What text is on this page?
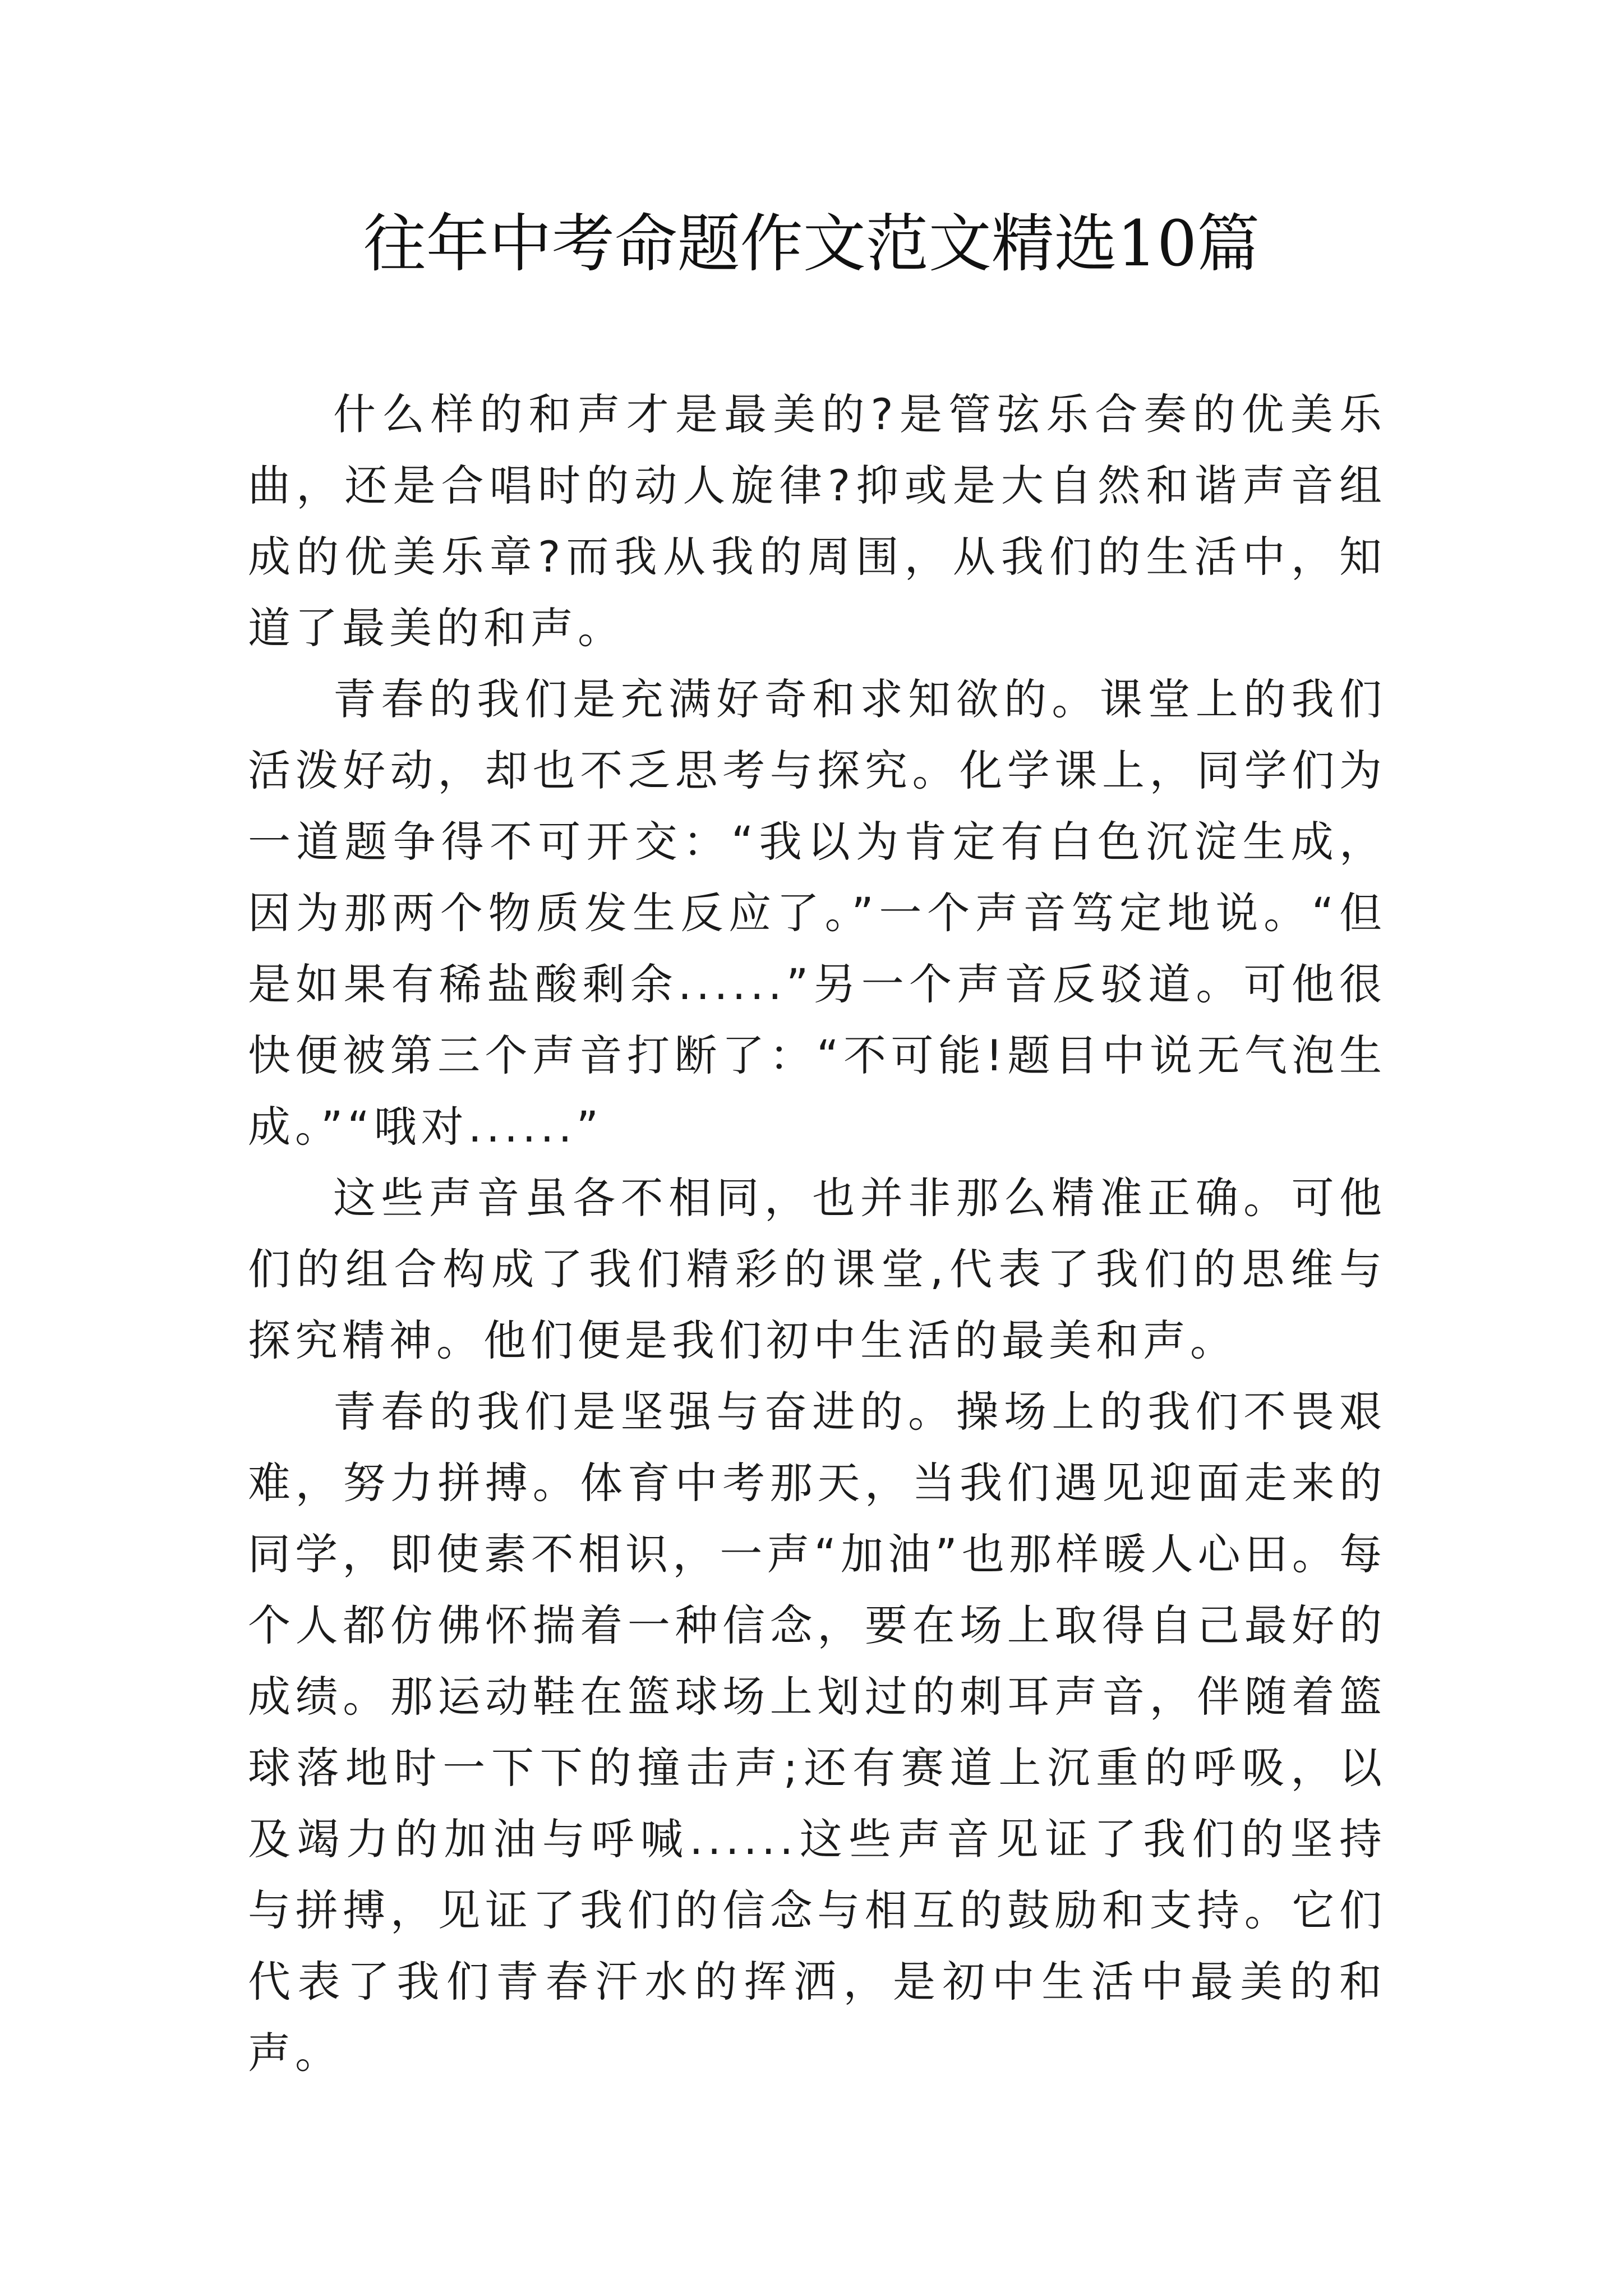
往年中考命题作文范文精选10篇

什么样的和声才是最美的?是管弦乐合奏的优美乐曲，还是合唱时的动人旋律?抑或是大自然和谐声音组成的优美乐章?而我从我的周围，从我们的生活中，知道了最美的和声。

青春的我们是充满好奇和求知欲的。课堂上的我们活泼好动，却也不乏思考与探究。化学课上，同学们为一道题争得不可开交：“我以为肯定有白色沉淀生成，因为那两个物质发生反应了。”一个声音笃定地说。“但是如果有稀盐酸剩余......”另一个声音反驳道。可他很快便被第三个声音打断了：“不可能!题目中说无气泡生成。”“哦对......”

这些声音虽各不相同，也并非那么精准正确。可他们的组合构成了我们精彩的课堂,代表了我们的思维与探究精神。他们便是我们初中生活的最美和声。

青春的我们是坚强与奋进的。操场上的我们不畏艰难，努力拼搏。体育中考那天，当我们遇见迎面走来的同学，即使素不相识，一声“加油”也那样暖人心田。每个人都仿佛怀揣着一种信念，要在场上取得自己最好的成绩。那运动鞋在篮球场上划过的刺耳声音，伴随着篮球落地时一下下的撞击声;还有赛道上沉重的呼吸，以及竭力的加油与呼喊......这些声音见证了我们的坚持与拼搏，见证了我们的信念与相互的鼓励和支持。它们代表了我们青春汗水的挥洒，是初中生活中最美的和声。
